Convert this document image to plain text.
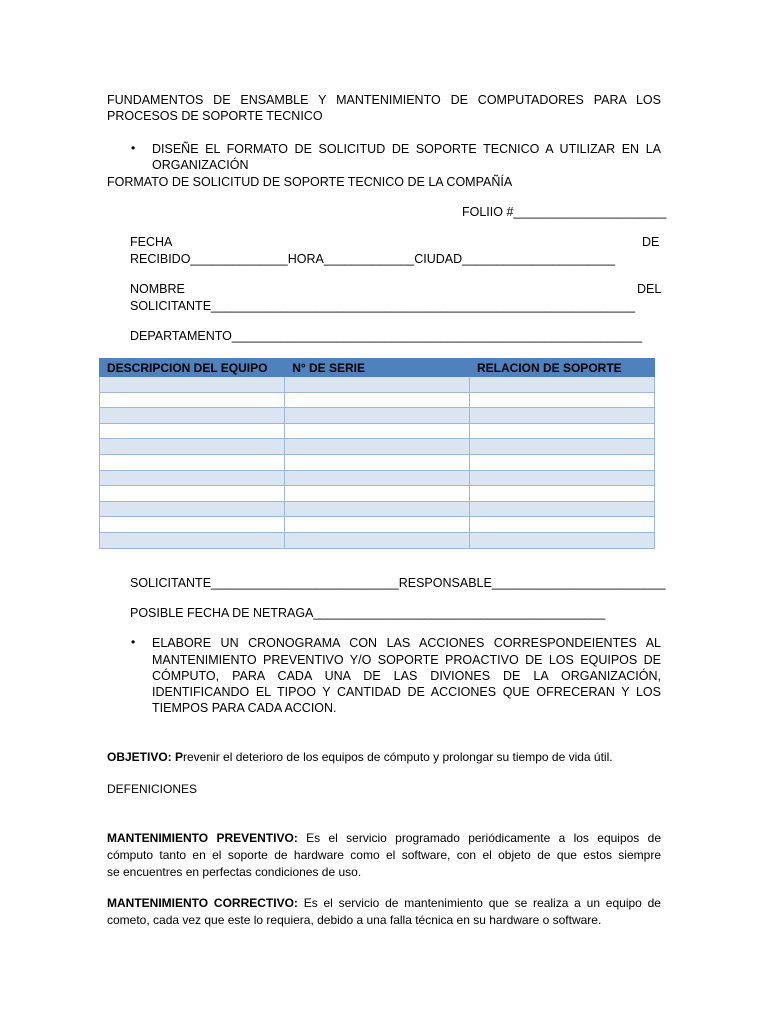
FUNDAMENTOS DE ENSAMBLE Y MANTENIMIENTO DE COMPUTADORES PARA LOS
PROCESOS DE SOPORTE TECNICO
• DISEÑE EL FORMATO DE SOLICITUD DE SOPORTE TECNICO A UTILIZAR EN LA
ORGANIZACIÓN
FORMATO DE SOLICITUD DE SOPORTE TECNICO DE LA COMPAÑÍA
FOLIIO #______________________
FECHA	DE
RECIBIDO______________HORA_____________CIUDAD______________________
NOMBRE	DEL
SOLICITANTE_____________________________________________________________
DEPARTAMENTO___________________________________________________________
DESCRIPCION DEL EQUIPO	N° DE SERIE	RELACION DE SOPORTE

SOLICITANTE___________________________RESPONSABLE_________________________
POSIBLE FECHA DE NETRAGA__________________________________________
• ELABORE UN CRONOGRAMA CON LAS ACCIONES CORRESPONDEIENTES AL
MANTENIMIENTO PREVENTIVO Y/O SOPORTE PROACTIVO DE LOS EQUIPOS DE
CÓMPUTO, PARA CADA UNA DE LAS DIVIONES DE LA ORGANIZACIÓN,
IDENTIFICANDO EL TIPOO Y CANTIDAD DE ACCIONES QUE OFRECERAN Y LOS
TIEMPOS PARA CADA ACCION.
OBJETIVO: Prevenir el deterioro de los equipos de cómputo y prolongar su tiempo de vida útil.
DEFENICIONES
MANTENIMIENTO PREVENTIVO: Es el servicio programado periódicamente a los equipos de
cómputo tanto en el soporte de hardware como el software, con el objeto de que estos siempre
se encuentres en perfectas condiciones de uso.
MANTENIMIENTO CORRECTIVO: Es el servicio de mantenimiento que se realiza a un equipo de
cometo, cada vez que este lo requiera, debido a una falla técnica en su hardware o software.
